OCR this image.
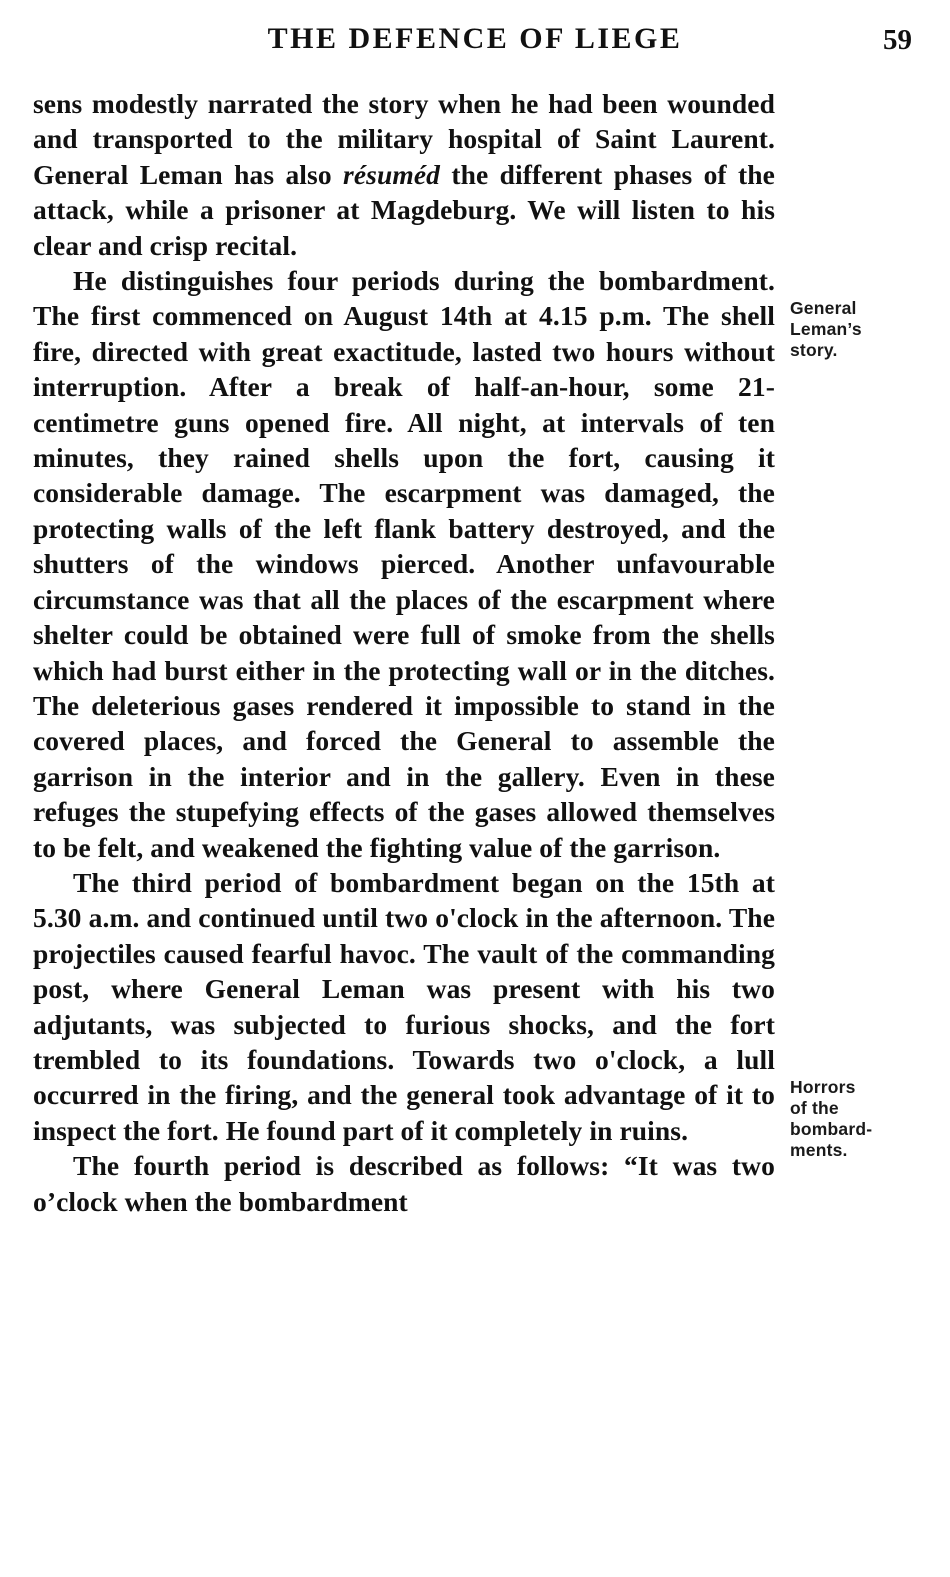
THE DEFENCE OF LIEGE	59

sens modestly narrated the story when he had been wounded and transported to the military hospital of Saint Laurent. General Leman has also résuméd the different phases of the attack, while a prisoner at Magdeburg. We will listen to his clear and crisp recital.

He distinguishes four periods during the bombardment. The first commenced on August 14th at 4.15 p.m. The shell fire, directed with great exactitude, lasted two hours without interruption. After a break of half-an-hour, some 21-centimetre guns opened fire. All night, at intervals of ten minutes, they rained shells upon the fort, causing it considerable damage. The escarpment was damaged, the protecting walls of the left flank battery destroyed, and the shutters of the windows pierced. Another unfavourable circumstance was that all the places of the escarpment where shelter could be obtained were full of smoke from the shells which had burst either in the protecting wall or in the ditches. The deleterious gases rendered it impossible to stand in the covered places, and forced the General to assemble the garrison in the interior and in the gallery. Even in these refuges the stupefying effects of the gases allowed themselves to be felt, and weakened the fighting value of the garrison.

The third period of bombardment began on the 15th at 5.30 a.m. and continued until two o'clock in the afternoon. The projectiles caused fearful havoc. The vault of the commanding post, where General Leman was present with his two adjutants, was subjected to furious shocks, and the fort trembled to its foundations. Towards two o'clock, a lull occurred in the firing, and the general took advantage of it to inspect the fort. He found part of it completely in ruins.

The fourth period is described as follows: “It was two o’clock when the bombardment

General
Leman’s
story.
Horrors
of the
bombard-
ments.
